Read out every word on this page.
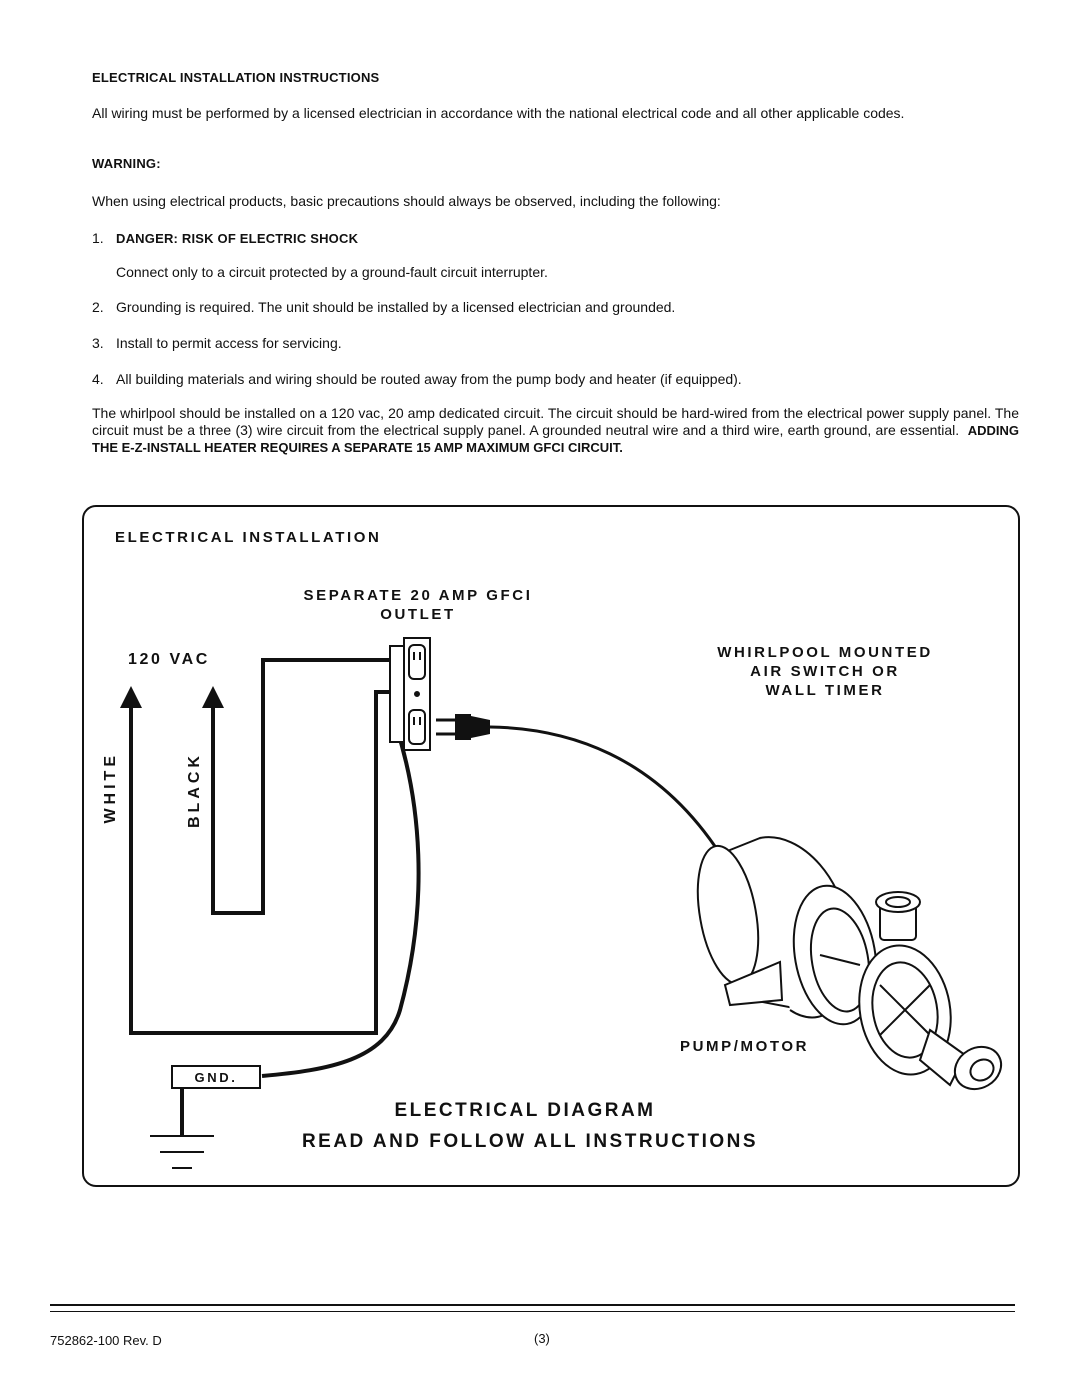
ELECTRICAL INSTALLATION INSTRUCTIONS
All wiring must be performed by a licensed electrician in accordance with the national electrical code and all other applicable codes.
WARNING:
When using electrical products, basic precautions should always be observed, including the following:
1. DANGER: RISK OF ELECTRIC SHOCK
Connect only to a circuit protected by a ground-fault circuit interrupter.
2. Grounding is required. The unit should be installed by a licensed electrician and grounded.
3. Install to permit access for servicing.
4. All building materials and wiring should be routed away from the pump body and heater (if equipped).
The whirlpool should be installed on a 120 vac, 20 amp dedicated circuit. The circuit should be hard-wired from the electrical power supply panel. The circuit must be a three (3) wire circuit from the electrical supply panel. A grounded neutral wire and a third wire, earth ground, are essential. ADDING THE E-Z-INSTALL HEATER REQUIRES A SEPARATE 15 AMP MAXIMUM GFCI CIRCUIT.
ELECTRICAL INSTALLATION
SEPARATE 20 AMP GFCI
OUTLET
120 VAC	WHIRLPOOL MOUNTED
AIR SWITCH OR
WALL TIMER
WHITE	BLACK
PUMP/MOTOR
GND.
ELECTRICAL DIAGRAM
READ AND FOLLOW ALL INSTRUCTIONS
752862-100 Rev. D	(3)
